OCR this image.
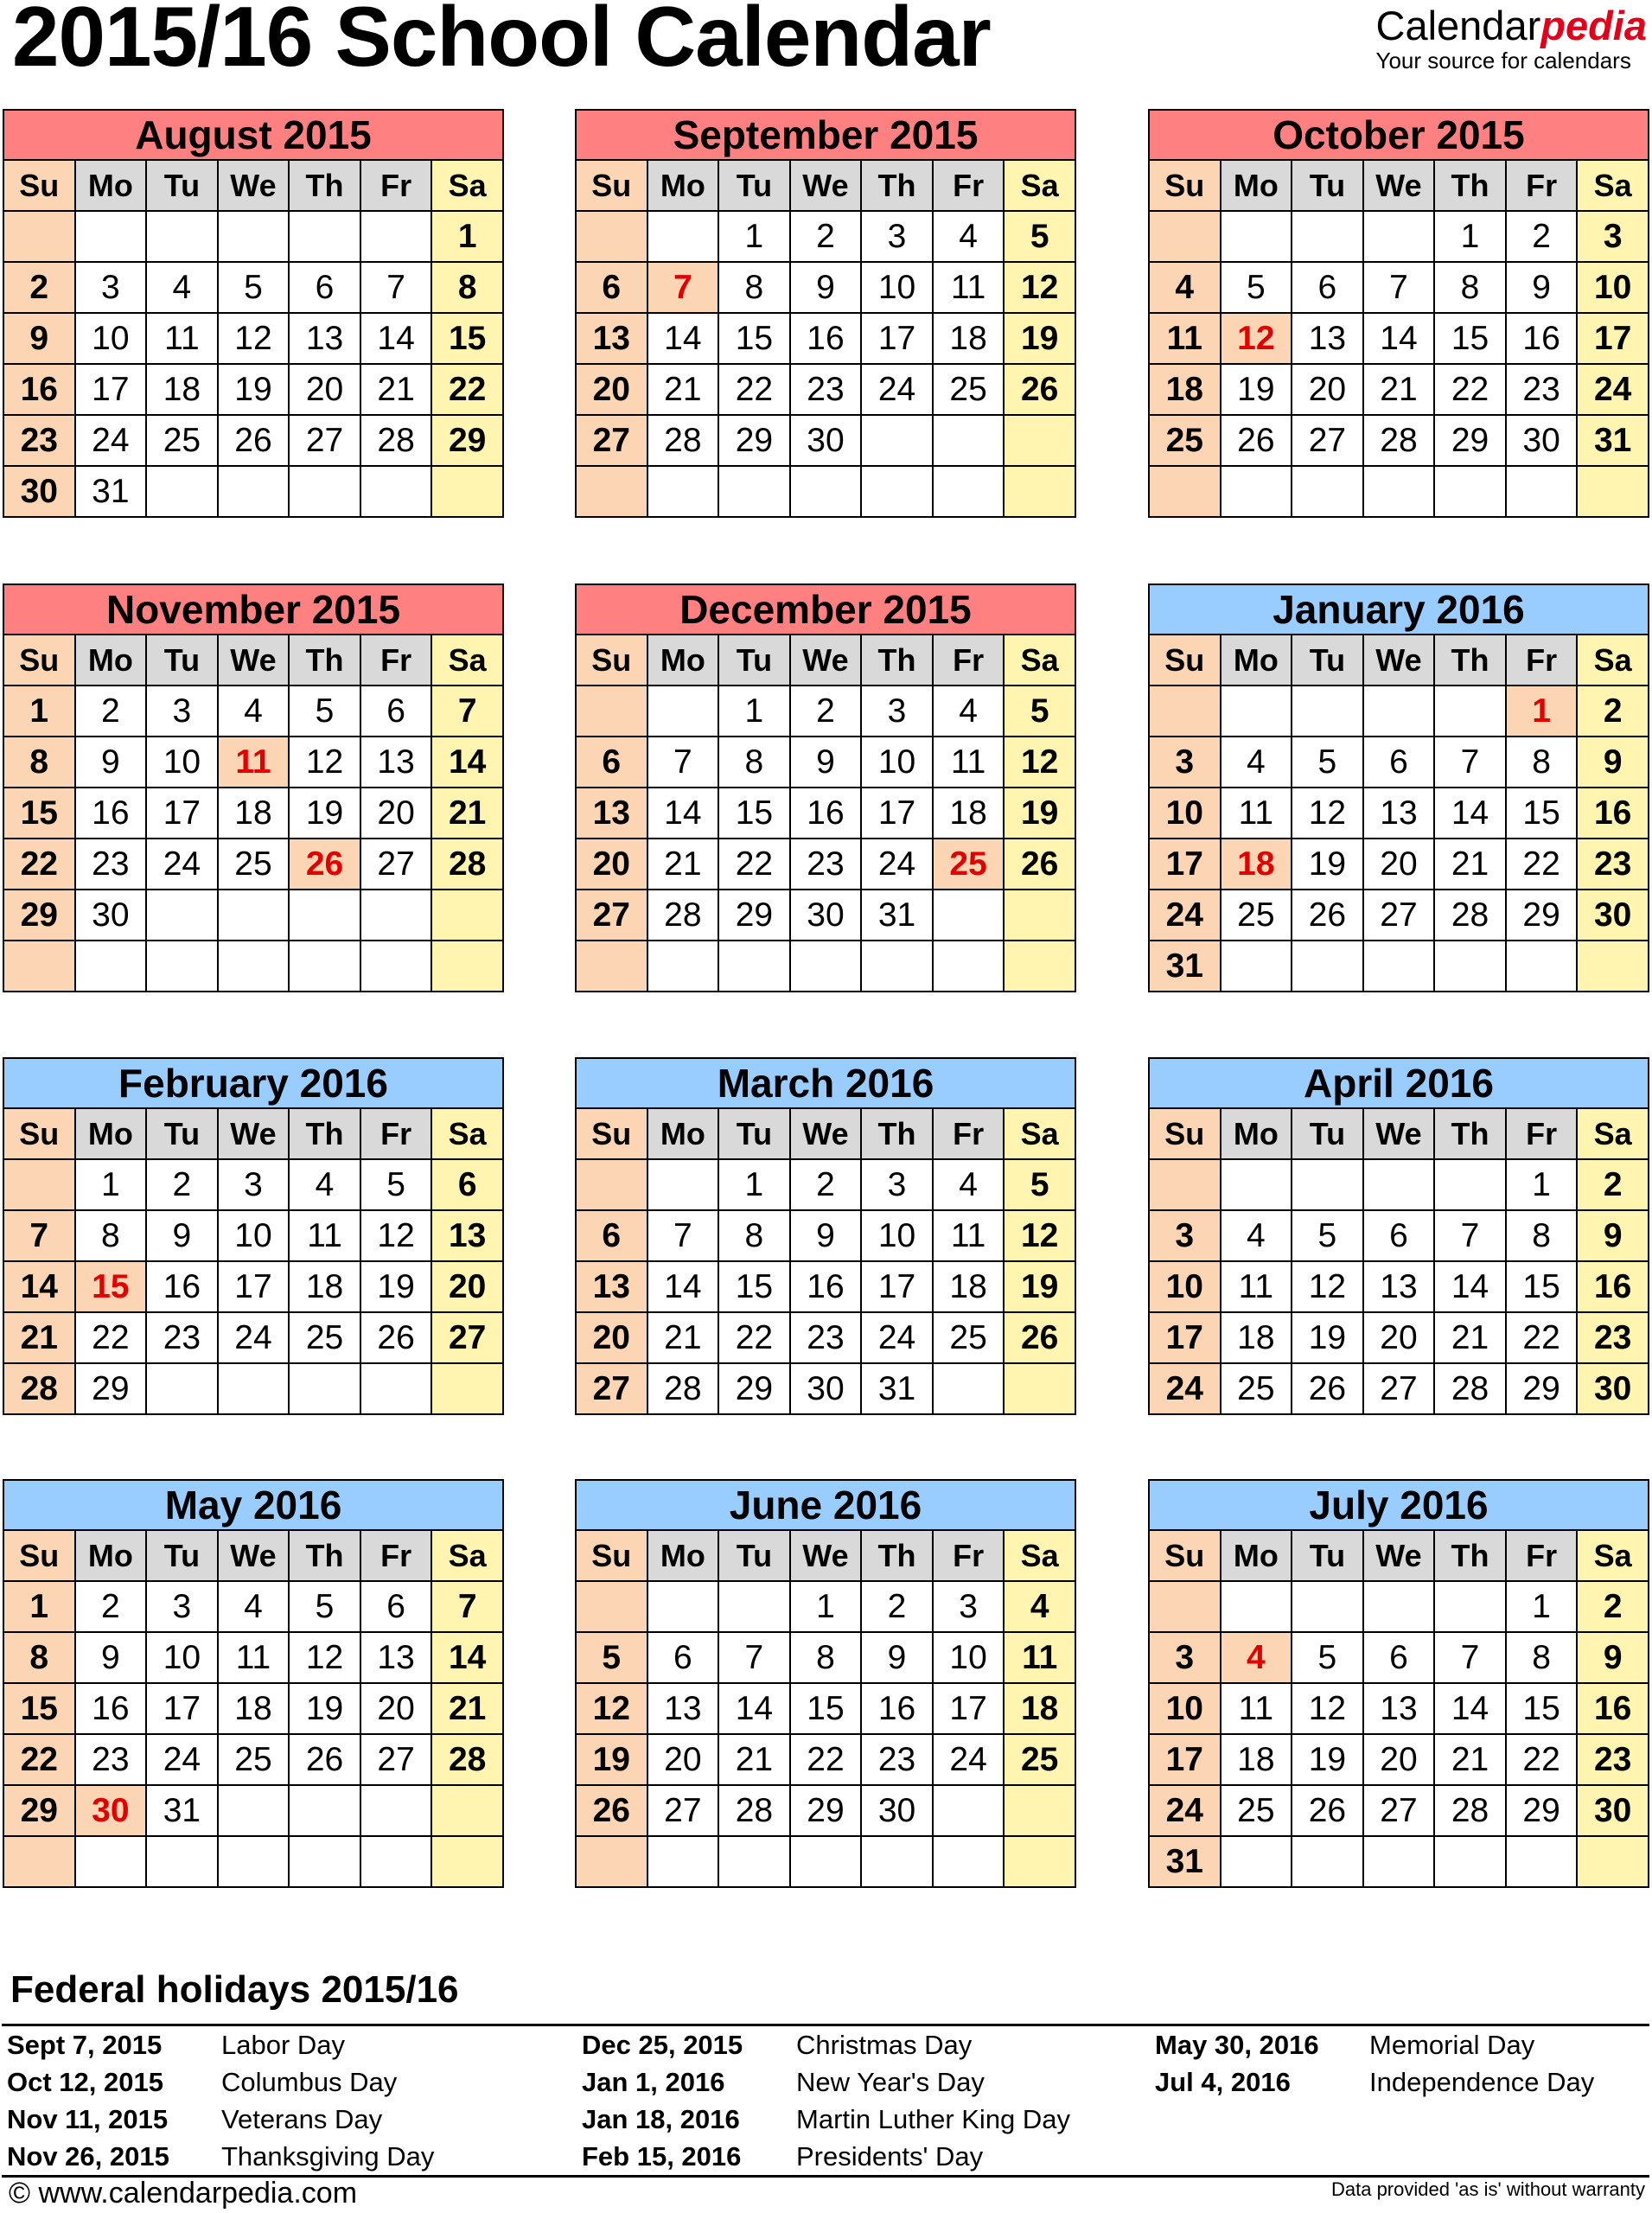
2015/16 School Calendar	Calendarpedia
Your source for calendars
August 2015
Su	Mo	Tu	We	Th	Fr	Sa
						1
2	3	4	5	6	7	8
9	10	11	12	13	14	15
16	17	18	19	20	21	22
23	24	25	26	27	28	29
30	31					
September 2015
Su	Mo	Tu	We	Th	Fr	Sa
		1	2	3	4	5
6	7	8	9	10	11	12
13	14	15	16	17	18	19
20	21	22	23	24	25	26
27	28	29	30			

October 2015
Su	Mo	Tu	We	Th	Fr	Sa
				1	2	3
4	5	6	7	8	9	10
11	12	13	14	15	16	17
18	19	20	21	22	23	24
25	26	27	28	29	30	31

November 2015
Su	Mo	Tu	We	Th	Fr	Sa
1	2	3	4	5	6	7
8	9	10	11	12	13	14
15	16	17	18	19	20	21
22	23	24	25	26	27	28
29	30					

December 2015
Su	Mo	Tu	We	Th	Fr	Sa
		1	2	3	4	5
6	7	8	9	10	11	12
13	14	15	16	17	18	19
20	21	22	23	24	25	26
27	28	29	30	31		

January 2016
Su	Mo	Tu	We	Th	Fr	Sa
					1	2
3	4	5	6	7	8	9
10	11	12	13	14	15	16
17	18	19	20	21	22	23
24	25	26	27	28	29	30
31						
February 2016
Su	Mo	Tu	We	Th	Fr	Sa
	1	2	3	4	5	6
7	8	9	10	11	12	13
14	15	16	17	18	19	20
21	22	23	24	25	26	27
28	29					
March 2016
Su	Mo	Tu	We	Th	Fr	Sa
		1	2	3	4	5
6	7	8	9	10	11	12
13	14	15	16	17	18	19
20	21	22	23	24	25	26
27	28	29	30	31		
April 2016
Su	Mo	Tu	We	Th	Fr	Sa
					1	2
3	4	5	6	7	8	9
10	11	12	13	14	15	16
17	18	19	20	21	22	23
24	25	26	27	28	29	30
May 2016
Su	Mo	Tu	We	Th	Fr	Sa
1	2	3	4	5	6	7
8	9	10	11	12	13	14
15	16	17	18	19	20	21
22	23	24	25	26	27	28
29	30	31				

June 2016
Su	Mo	Tu	We	Th	Fr	Sa
			1	2	3	4
5	6	7	8	9	10	11
12	13	14	15	16	17	18
19	20	21	22	23	24	25
26	27	28	29	30		

July 2016
Su	Mo	Tu	We	Th	Fr	Sa
					1	2
3	4	5	6	7	8	9
10	11	12	13	14	15	16
17	18	19	20	21	22	23
24	25	26	27	28	29	30
31						
Federal holidays 2015/16
Sept 7, 2015 Labor Day
Oct 12, 2015 Columbus Day
Nov 11, 2015 Veterans Day
Nov 26, 2015 Thanksgiving Day
Dec 25, 2015 Christmas Day
Jan 1, 2016	New Year's Day
Jan 18, 2016 Martin Luther King Day
Feb 15, 2016 Presidents' Day
May 30, 2016 Memorial Day
Jul 4, 2016	Independence Day
© www.calendarpedia.com	Data provided 'as is' without warranty
